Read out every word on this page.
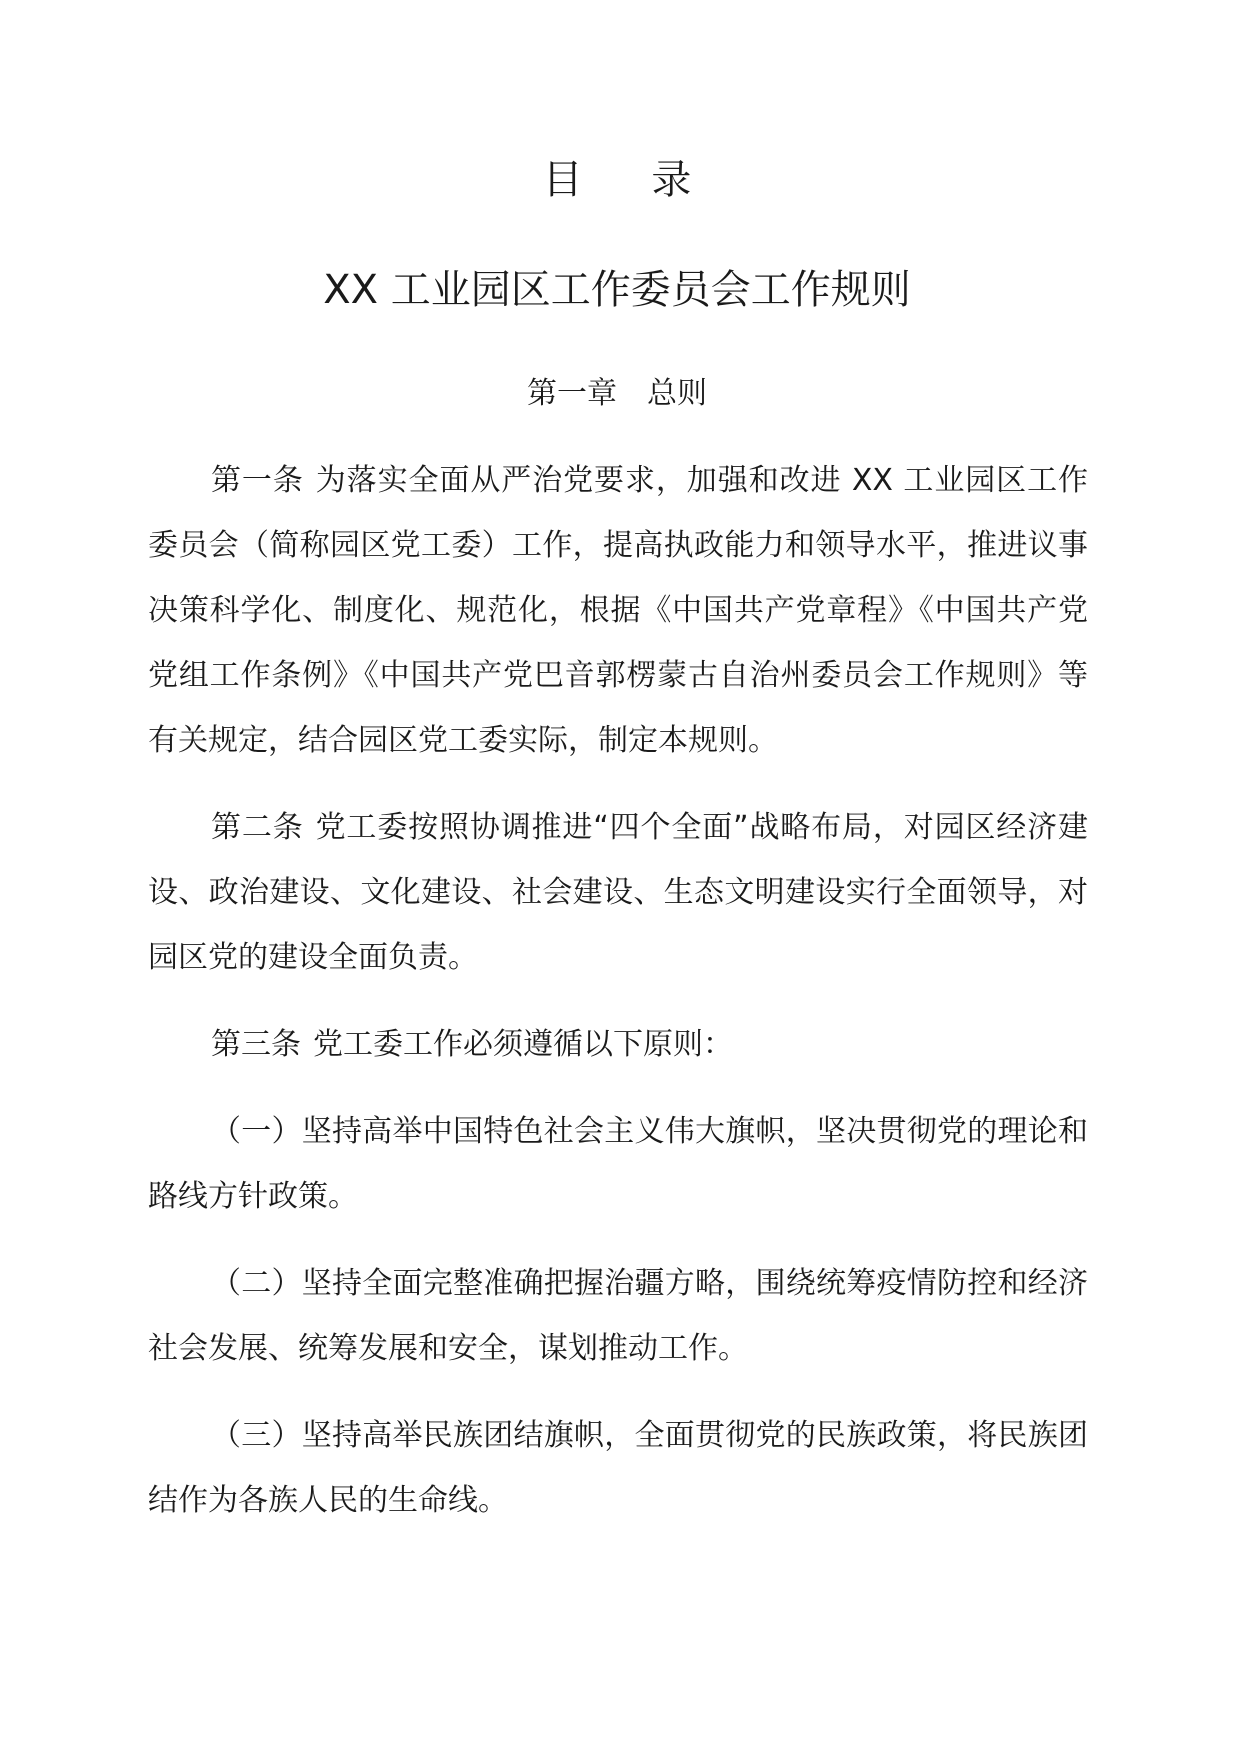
目 录
XX 工业园区工作委员会工作规则
第一章　总则

第一条 为落实全面从严治党要求，加强和改进 XX 工业园区工作委员会（简称园区党工委）工作，提高执政能力和领导水平，推进议事决策科学化、制度化、规范化，根据《中国共产党章程》《中国共产党党组工作条例》《中国共产党巴音郭楞蒙古自治州委员会工作规则》等有关规定，结合园区党工委实际，制定本规则。

第二条 党工委按照协调推进“四个全面”战略布局，对园区经济建设、政治建设、文化建设、社会建设、生态文明建设实行全面领导，对园区党的建设全面负责。

第三条 党工委工作必须遵循以下原则：

（一）坚持高举中国特色社会主义伟大旗帜，坚决贯彻党的理论和路线方针政策。

（二）坚持全面完整准确把握治疆方略，围绕统筹疫情防控和经济社会发展、统筹发展和安全，谋划推动工作。

（三）坚持高举民族团结旗帜，全面贯彻党的民族政策，将民族团结作为各族人民的生命线。
